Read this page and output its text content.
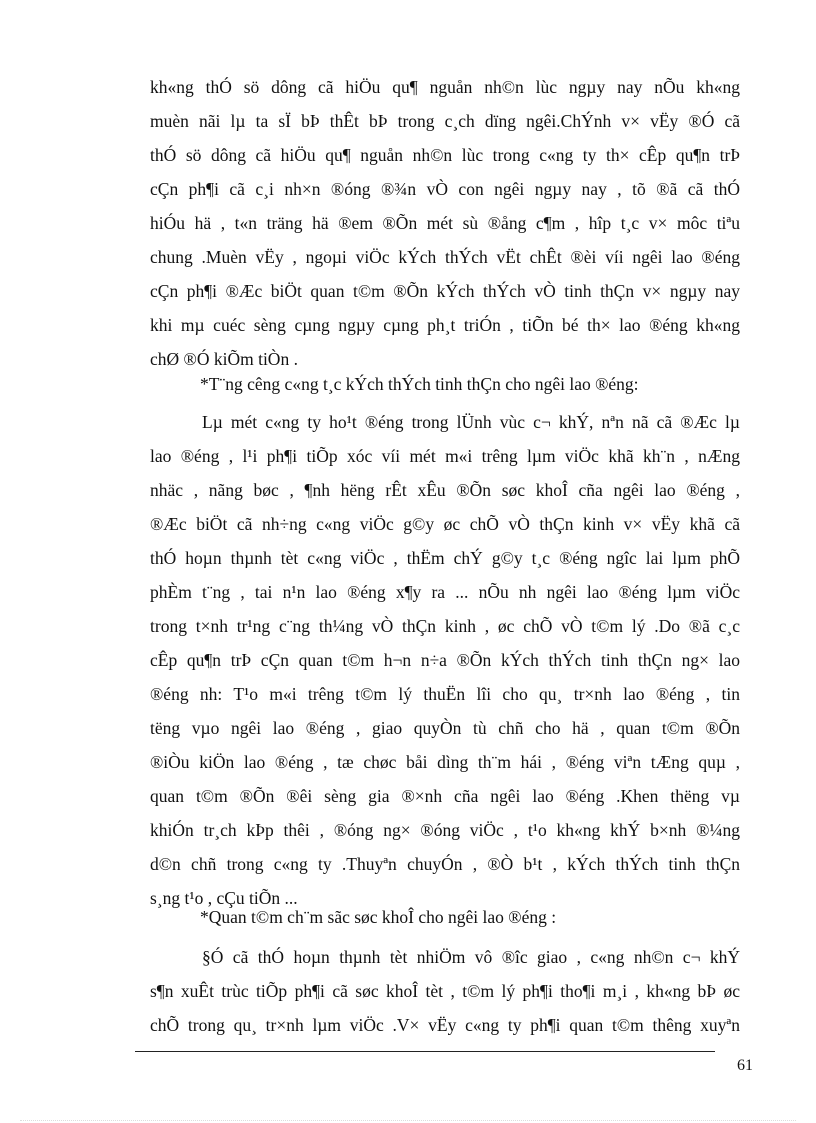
kh«ng thÓ sö dông cã hiÖu qu¶ nguån nh©n lùc ngµy nay nÕu kh«ng
muèn nãi lµ ta sÏ bÞ thÊt bÞ trong c¸ch dïng ngêi.ChÝnh v× vËy ®Ó cã
thÓ sö dông cã hiÖu qu¶ nguån nh©n lùc trong c«ng ty th× cÊp qu¶n trÞ
cÇn ph¶i cã c¸i nh×n ®óng ®¾n vÒ con ngêi ngµy nay , tõ ®ã cã thÓ
hiÓu hä , t«n träng hä ®em ®Õn mét sù ®ång c¶m , hîp t¸c v× môc tiªu
chung .Muèn vËy , ngoµi viÖc kÝch thÝch vËt chÊt ®èi víi ngêi lao ®éng
cÇn ph¶i ®Æc biÖt quan t©m ®Õn kÝch thÝch vÒ tinh thÇn v× ngµy nay
khi mµ cuéc sèng cµng ngµy cµng ph¸t triÓn , tiÕn bé th× lao ®éng kh«ng
chØ ®Ó kiÕm tiÒn .
*T¨ng cêng c«ng t¸c kÝch thÝch tinh thÇn cho ngêi lao ®éng:
Lµ mét c«ng ty ho¹t ®éng trong lÜnh vùc c¬ khÝ, nªn nã cã ®Æc lµ
lao ®éng , l¹i ph¶i tiÕp xóc víi mét m«i trêng lµm viÖc khã kh¨n , nÆng
nhäc , nãng bøc , ¶nh hëng rÊt xÊu ®Õn søc khoÎ cña ngêi lao ®éng ,
®Æc biÖt cã nh÷ng c«ng viÖc g©y øc chÕ vÒ thÇn kinh v× vËy khã cã
thÓ hoµn thµnh tèt c«ng viÖc , thËm chÝ g©y t¸c ®éng ngîc lai lµm phÕ
phÈm t¨ng , tai n¹n lao ®éng x¶y ra ... nÕu nh ngêi lao ®éng lµm viÖc
trong t×nh tr¹ng c¨ng th¼ng vÒ thÇn kinh , øc chÕ vÒ t©m lý .Do ®ã c¸c
cÊp qu¶n trÞ cÇn quan t©m h¬n n÷a ®Õn kÝch thÝch tinh thÇn ng× lao
®éng nh: T¹o m«i trêng t©m lý thuËn lîi cho qu¸ tr×nh lao ®éng , tin
tëng vµo ngêi lao ®éng , giao quyÒn tù chñ cho hä , quan t©m ®Õn
®iÒu kiÖn lao ®éng , tæ chøc båi dìng th¨m hái , ®éng viªn tÆng quµ ,
quan t©m ®Õn ®êi sèng gia ®×nh cña ngêi lao ®éng .Khen thëng vµ
khiÓn tr¸ch kÞp thêi , ®óng ng× ®óng viÖc , t¹o kh«ng khÝ b×nh ®¼ng
d©n chñ trong c«ng ty .Thuyªn chuyÓn , ®Ò b¹t , kÝch thÝch tinh thÇn
s¸ng t¹o , cÇu tiÕn ...
*Quan t©m ch¨m sãc søc khoÎ cho ngêi lao ®éng :
§Ó cã thÓ hoµn thµnh tèt nhiÖm vô ®îc giao , c«ng nh©n c¬ khÝ
s¶n xuÊt trùc tiÕp ph¶i cã søc khoÎ tèt , t©m lý ph¶i tho¶i m¸i , kh«ng bÞ øc
chÕ trong qu¸ tr×nh lµm viÖc .V× vËy c«ng ty ph¶i quan t©m thêng xuyªn
61
